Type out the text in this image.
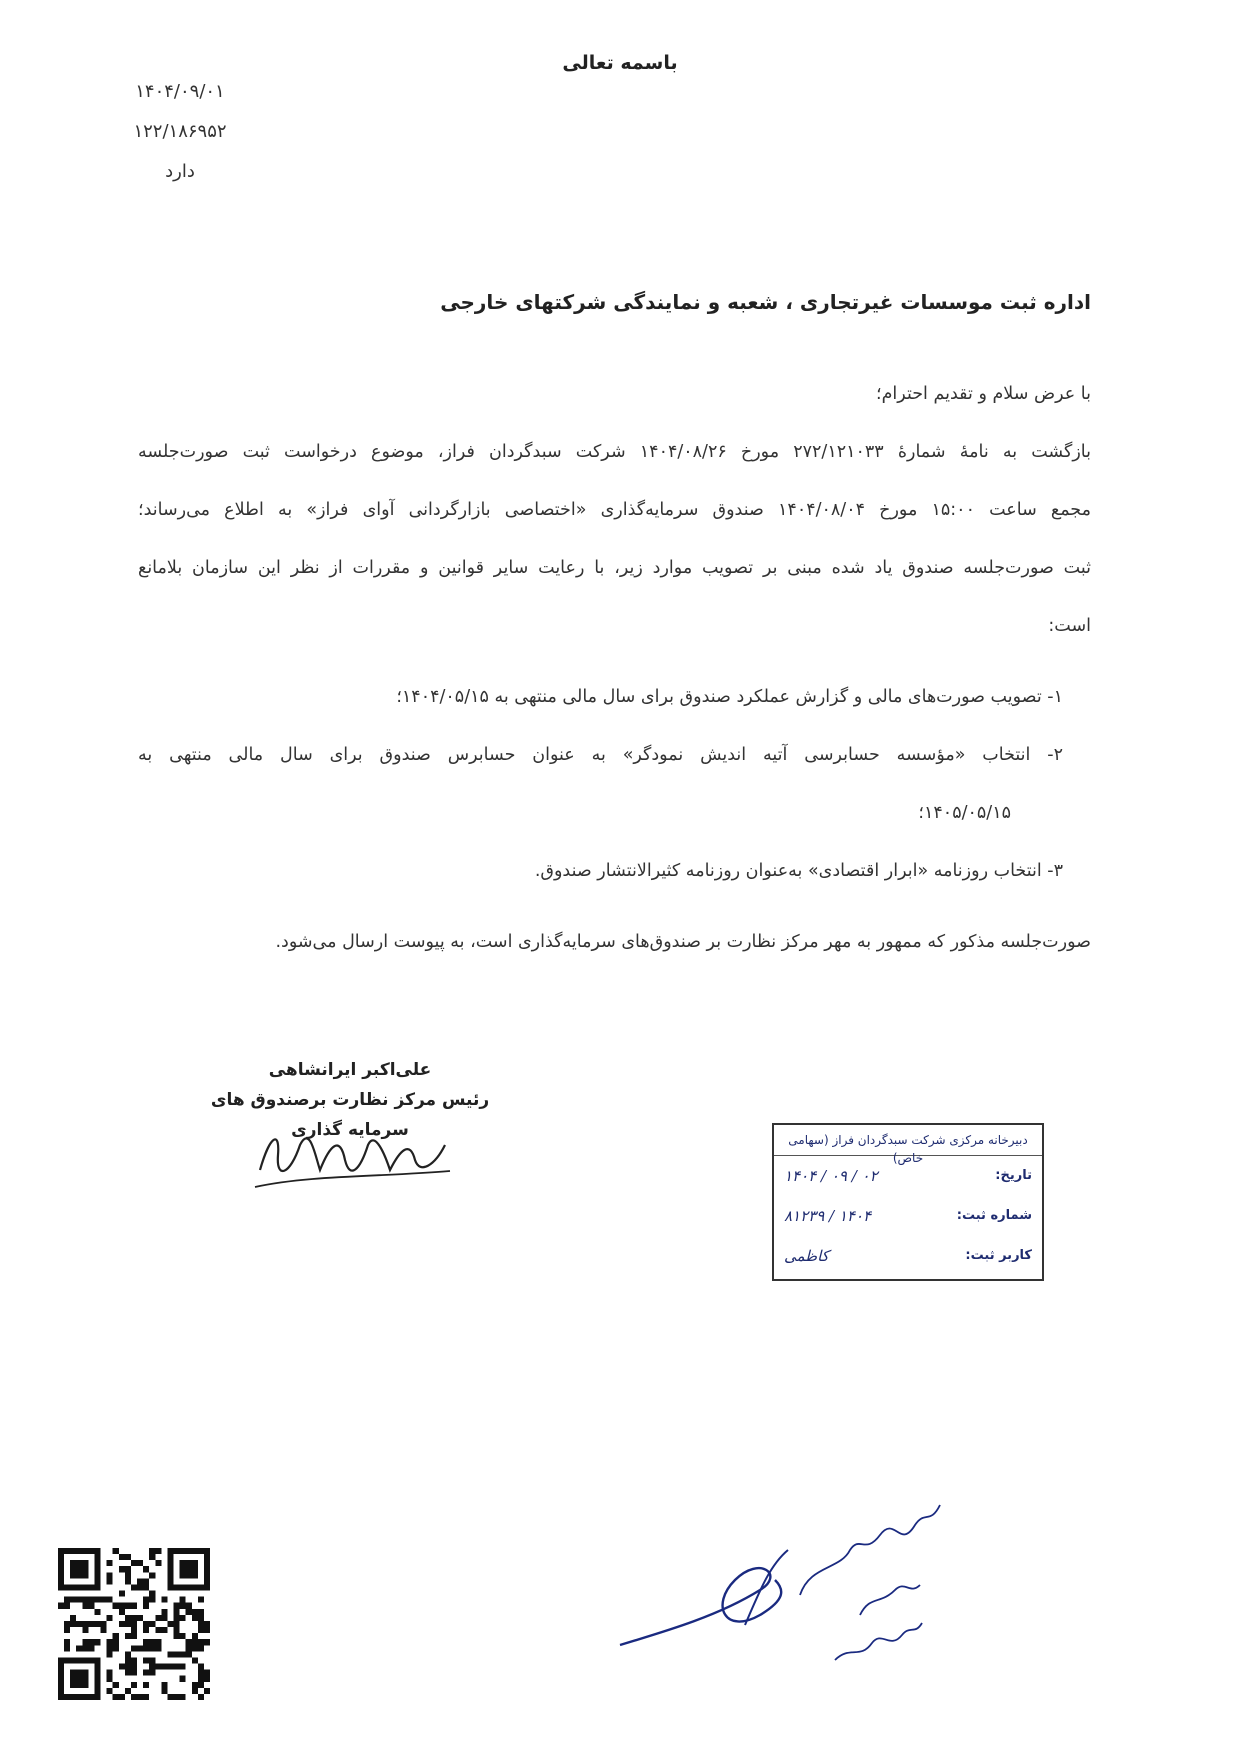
باسمه تعالی
۱۴۰۴/۰۹/۰۱
۱۲۲/۱۸۶۹۵۲
دارد
اداره ثبت موسسات غیرتجاری ، شعبه و نمایندگی شرکتهای خارجی
با عرض سلام و تقدیم احترام؛
بازگشت به نامهٔ شمارهٔ ۲۷۲/۱۲۱۰۳۳ مورخ ۱۴۰۴/۰۸/۲۶ شرکت سبدگردان فراز، موضوع درخواست ثبت صورت‌جلسه
مجمع ساعت ۱۵:۰۰ مورخ ۱۴۰۴/۰۸/۰۴ صندوق سرمایه‌گذاری «اختصاصی بازارگردانی آوای فراز» به اطلاع می‌رساند؛
ثبت صورت‌جلسه صندوق یاد شده مبنی بر تصویب موارد زیر، با رعایت سایر قوانین و مقررات از نظر این سازمان بلامانع
است:
۱- تصویب صورت‌های مالی و گزارش عملکرد صندوق برای سال مالی منتهی به ۱۴۰۴/۰۵/۱۵؛
۲- انتخاب «مؤسسه حسابرسی آتیه اندیش نمودگر» به عنوان حسابرس صندوق برای سال مالی منتهی به
۱۴۰۵/۰۵/۱۵؛
۳- انتخاب روزنامه «ابرار اقتصادی» به‌عنوان روزنامه کثیرالانتشار صندوق.
صورت‌جلسه مذکور که ممهور به مهر مرکز نظارت بر صندوق‌های سرمایه‌گذاری است، به پیوست ارسال می‌شود.
علی‌اکبر ایرانشاهی
رئیس مرکز نظارت برصندوق های
سرمایه گذاری	دبیرخانه مرکزی شرکت سبدگردان فراز (سهامی خاص)
تاریخ:
۱۴۰۴ / ۰۹ / ۰۲
شماره ثبت:
۸۱۲۳۹ / ۱۴۰۴
کاربر ثبت:
کاظمی
